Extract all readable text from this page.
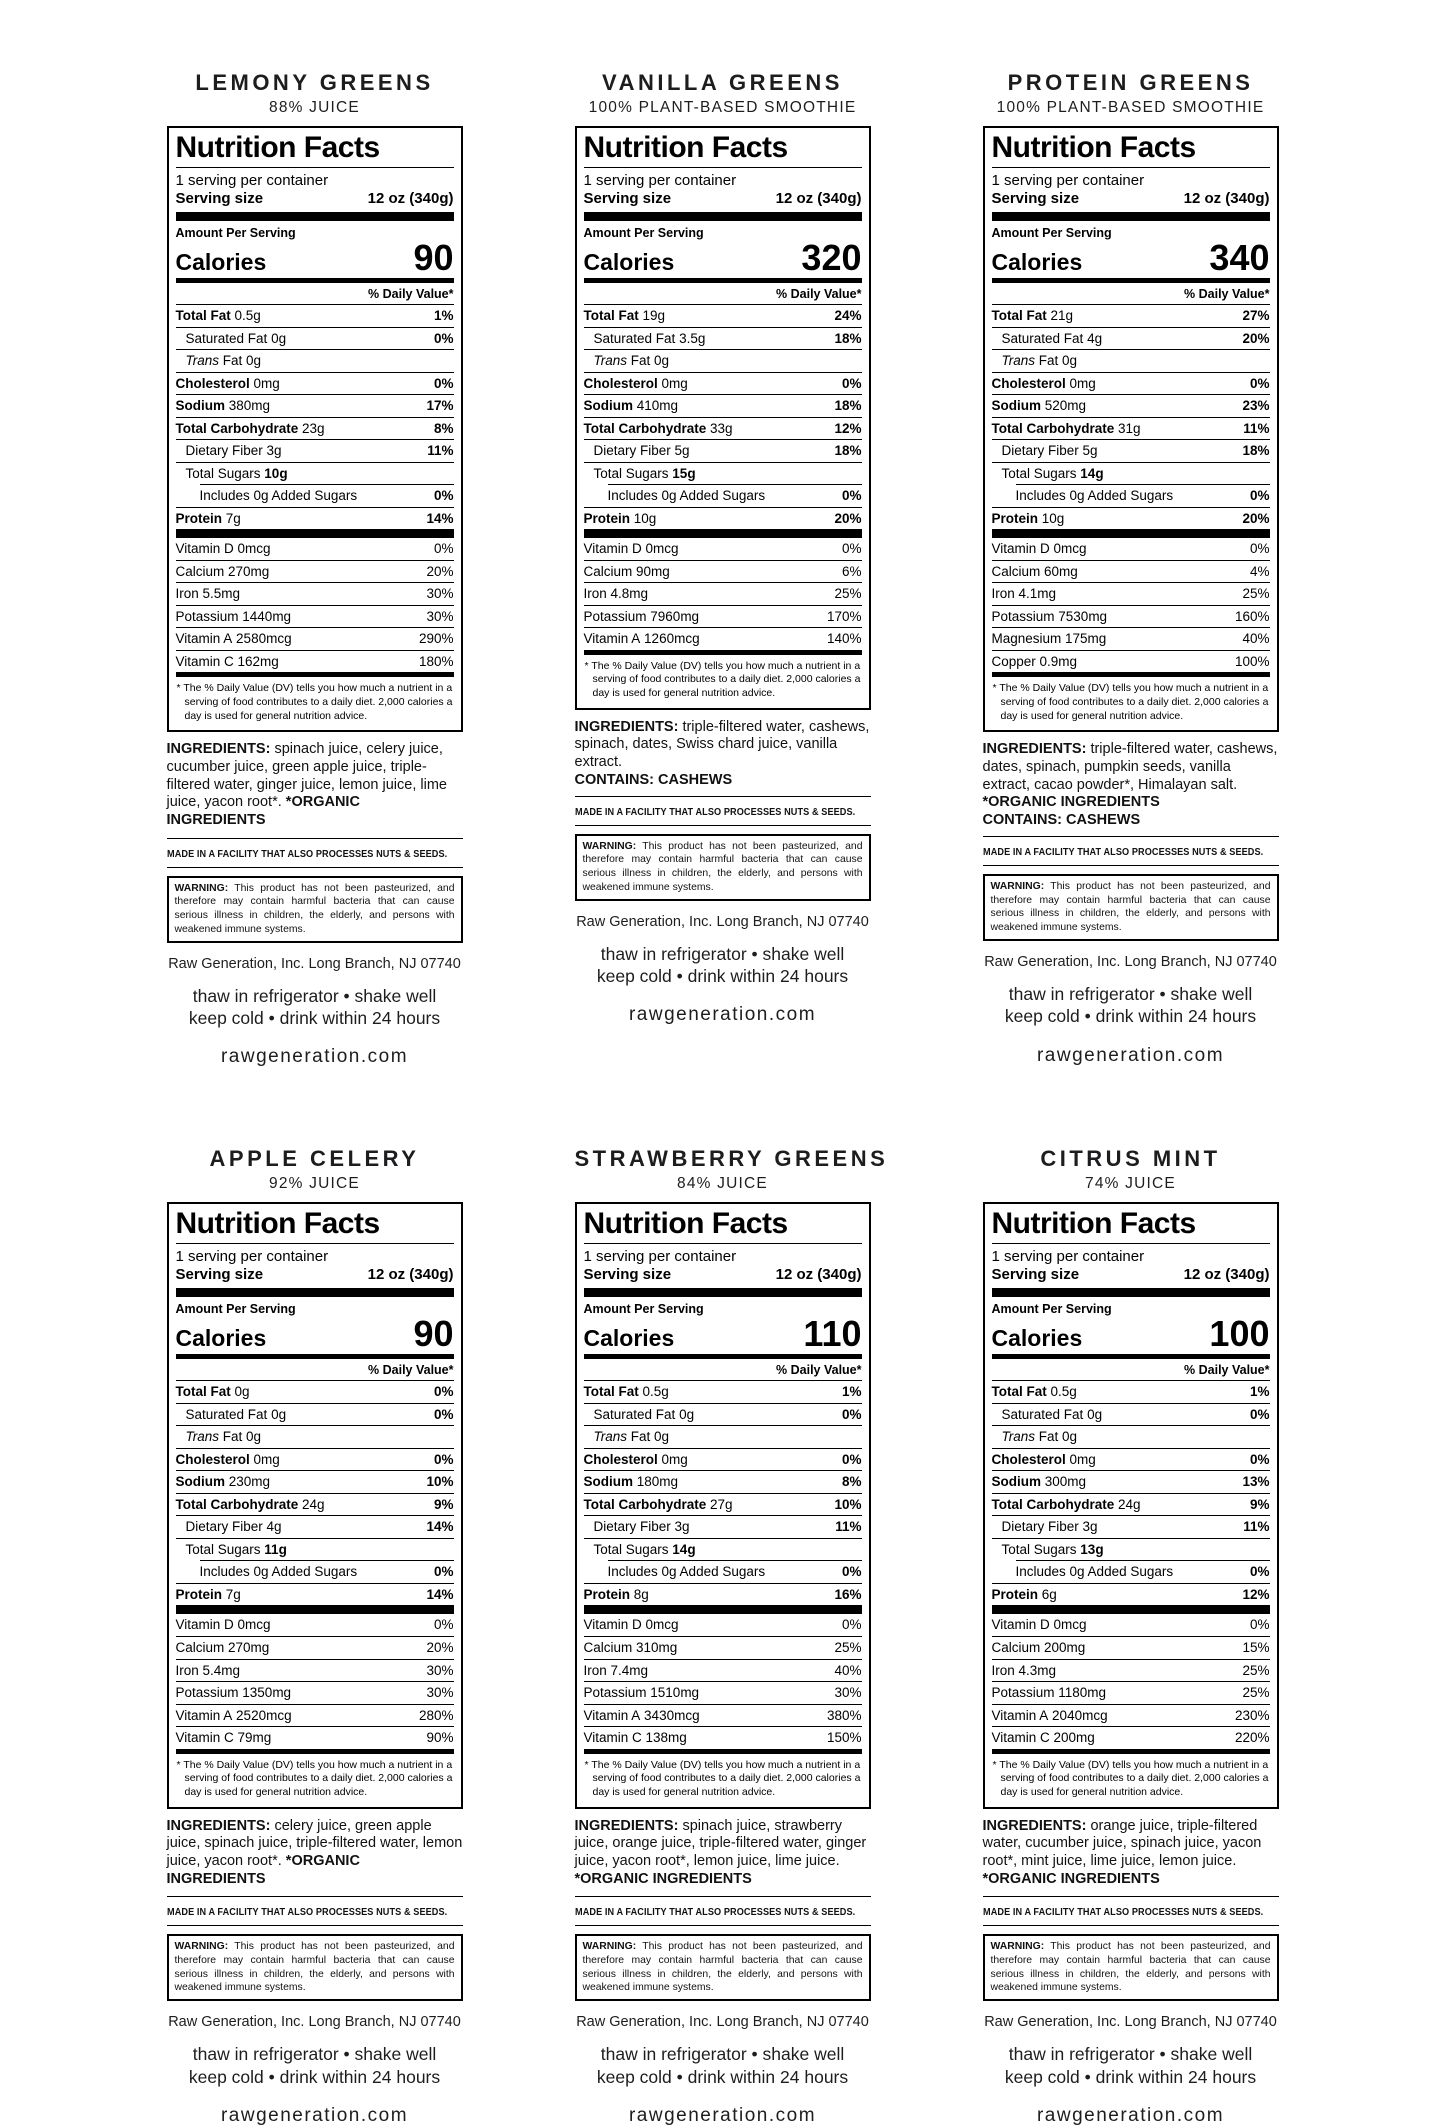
LEMONY GREENS
88% JUICE
Nutrition Facts
1 serving per container
Serving size	12 oz (340g)
Amount Per Serving
Calories	90
% Daily Value*
Total Fat 0.5g	1%
Saturated Fat 0g	0%
Trans Fat 0g
Cholesterol 0mg	0%
Sodium 380mg	17%
Total Carbohydrate 23g	8%
Dietary Fiber 3g	11%
Total Sugars 10g
Includes 0g Added Sugars	0%
Protein 7g	14%
Vitamin D 0mcg	0%
Calcium 270mg	20%
Iron 5.5mg	30%
Potassium 1440mg	30%
Vitamin A 2580mcg	290%
Vitamin C 162mg	180%
* The % Daily Value (DV) tells you how much a nutrient in a serving of food contributes to a daily diet. 2,000 calories a day is used for general nutrition advice.

INGREDIENTS: spinach juice, celery juice, cucumber juice, green apple juice, triple-filtered water, ginger juice, lemon juice, lime juice, yacon root*. *ORGANIC INGREDIENTS

MADE IN A FACILITY THAT ALSO PROCESSES NUTS & SEEDS.
WARNING: This product has not been pasteurized, and therefore may contain harmful bacteria that can cause serious illness in children, the elderly, and persons with weakened immune systems.
Raw Generation, Inc. Long Branch, NJ 07740
thaw in refrigerator • shake well
keep cold • drink within 24 hours
rawgeneration.com
VANILLA GREENS
100% PLANT-BASED SMOOTHIE
Nutrition Facts
1 serving per container
Serving size	12 oz (340g)
Amount Per Serving
Calories	320
% Daily Value*
Total Fat 19g	24%
Saturated Fat 3.5g	18%
Trans Fat 0g
Cholesterol 0mg	0%
Sodium 410mg	18%
Total Carbohydrate 33g	12%
Dietary Fiber 5g	18%
Total Sugars 15g
Includes 0g Added Sugars	0%
Protein 10g	20%
Vitamin D 0mcg	0%
Calcium 90mg	6%
Iron 4.8mg	25%
Potassium 7960mg	170%
Vitamin A 1260mcg	140%
* The % Daily Value (DV) tells you how much a nutrient in a serving of food contributes to a daily diet. 2,000 calories a day is used for general nutrition advice.

INGREDIENTS: triple-filtered water, cashews, spinach, dates, Swiss chard juice, vanilla extract.

CONTAINS: CASHEWS
MADE IN A FACILITY THAT ALSO PROCESSES NUTS & SEEDS.
WARNING: This product has not been pasteurized, and therefore may contain harmful bacteria that can cause serious illness in children, the elderly, and persons with weakened immune systems.
Raw Generation, Inc. Long Branch, NJ 07740
thaw in refrigerator • shake well
keep cold • drink within 24 hours
rawgeneration.com
PROTEIN GREENS
100% PLANT-BASED SMOOTHIE
Nutrition Facts
1 serving per container
Serving size	12 oz (340g)
Amount Per Serving
Calories	340
% Daily Value*
Total Fat 21g	27%
Saturated Fat 4g	20%
Trans Fat 0g
Cholesterol 0mg	0%
Sodium 520mg	23%
Total Carbohydrate 31g	11%
Dietary Fiber 5g	18%
Total Sugars 14g
Includes 0g Added Sugars	0%
Protein 10g	20%
Vitamin D 0mcg	0%
Calcium 60mg	4%
Iron 4.1mg	25%
Potassium 7530mg	160%
Magnesium 175mg	40%
Copper 0.9mg	100%
* The % Daily Value (DV) tells you how much a nutrient in a serving of food contributes to a daily diet. 2,000 calories a day is used for general nutrition advice.

INGREDIENTS: triple-filtered water, cashews, dates, spinach, pumpkin seeds, vanilla extract, cacao powder*, Himalayan salt. *ORGANIC INGREDIENTS

CONTAINS: CASHEWS
MADE IN A FACILITY THAT ALSO PROCESSES NUTS & SEEDS.
WARNING: This product has not been pasteurized, and therefore may contain harmful bacteria that can cause serious illness in children, the elderly, and persons with weakened immune systems.
Raw Generation, Inc. Long Branch, NJ 07740
thaw in refrigerator • shake well
keep cold • drink within 24 hours
rawgeneration.com
APPLE CELERY
92% JUICE
Nutrition Facts
1 serving per container
Serving size	12 oz (340g)
Amount Per Serving
Calories	90
% Daily Value*
Total Fat 0g	0%
Saturated Fat 0g	0%
Trans Fat 0g
Cholesterol 0mg	0%
Sodium 230mg	10%
Total Carbohydrate 24g	9%
Dietary Fiber 4g	14%
Total Sugars 11g
Includes 0g Added Sugars	0%
Protein 7g	14%
Vitamin D 0mcg	0%
Calcium 270mg	20%
Iron 5.4mg	30%
Potassium 1350mg	30%
Vitamin A 2520mcg	280%
Vitamin C 79mg	90%
* The % Daily Value (DV) tells you how much a nutrient in a serving of food contributes to a daily diet. 2,000 calories a day is used for general nutrition advice.

INGREDIENTS: celery juice, green apple juice, spinach juice, triple-filtered water, lemon juice, yacon root*. *ORGANIC INGREDIENTS

MADE IN A FACILITY THAT ALSO PROCESSES NUTS & SEEDS.
WARNING: This product has not been pasteurized, and therefore may contain harmful bacteria that can cause serious illness in children, the elderly, and persons with weakened immune systems.
Raw Generation, Inc. Long Branch, NJ 07740
thaw in refrigerator • shake well
keep cold • drink within 24 hours
rawgeneration.com
STRAWBERRY GREENS
84% JUICE
Nutrition Facts
1 serving per container
Serving size	12 oz (340g)
Amount Per Serving
Calories	110
% Daily Value*
Total Fat 0.5g	1%
Saturated Fat 0g	0%
Trans Fat 0g
Cholesterol 0mg	0%
Sodium 180mg	8%
Total Carbohydrate 27g	10%
Dietary Fiber 3g	11%
Total Sugars 14g
Includes 0g Added Sugars	0%
Protein 8g	16%
Vitamin D 0mcg	0%
Calcium 310mg	25%
Iron 7.4mg	40%
Potassium 1510mg	30%
Vitamin A 3430mcg	380%
Vitamin C 138mg	150%
* The % Daily Value (DV) tells you how much a nutrient in a serving of food contributes to a daily diet. 2,000 calories a day is used for general nutrition advice.

INGREDIENTS: spinach juice, strawberry juice, orange juice, triple-filtered water, ginger juice, yacon root*, lemon juice, lime juice. *ORGANIC INGREDIENTS

MADE IN A FACILITY THAT ALSO PROCESSES NUTS & SEEDS.
WARNING: This product has not been pasteurized, and therefore may contain harmful bacteria that can cause serious illness in children, the elderly, and persons with weakened immune systems.
Raw Generation, Inc. Long Branch, NJ 07740
thaw in refrigerator • shake well
keep cold • drink within 24 hours
rawgeneration.com
CITRUS MINT
74% JUICE
Nutrition Facts
1 serving per container
Serving size	12 oz (340g)
Amount Per Serving
Calories	100
% Daily Value*
Total Fat 0.5g	1%
Saturated Fat 0g	0%
Trans Fat 0g
Cholesterol 0mg	0%
Sodium 300mg	13%
Total Carbohydrate 24g	9%
Dietary Fiber 3g	11%
Total Sugars 13g
Includes 0g Added Sugars	0%
Protein 6g	12%
Vitamin D 0mcg	0%
Calcium 200mg	15%
Iron 4.3mg	25%
Potassium 1180mg	25%
Vitamin A 2040mcg	230%
Vitamin C 200mg	220%
* The % Daily Value (DV) tells you how much a nutrient in a serving of food contributes to a daily diet. 2,000 calories a day is used for general nutrition advice.

INGREDIENTS: orange juice, triple-filtered water, cucumber juice, spinach juice, yacon root*, mint juice, lime juice, lemon juice. *ORGANIC INGREDIENTS

MADE IN A FACILITY THAT ALSO PROCESSES NUTS & SEEDS.
WARNING: This product has not been pasteurized, and therefore may contain harmful bacteria that can cause serious illness in children, the elderly, and persons with weakened immune systems.
Raw Generation, Inc. Long Branch, NJ 07740
thaw in refrigerator • shake well
keep cold • drink within 24 hours
rawgeneration.com
